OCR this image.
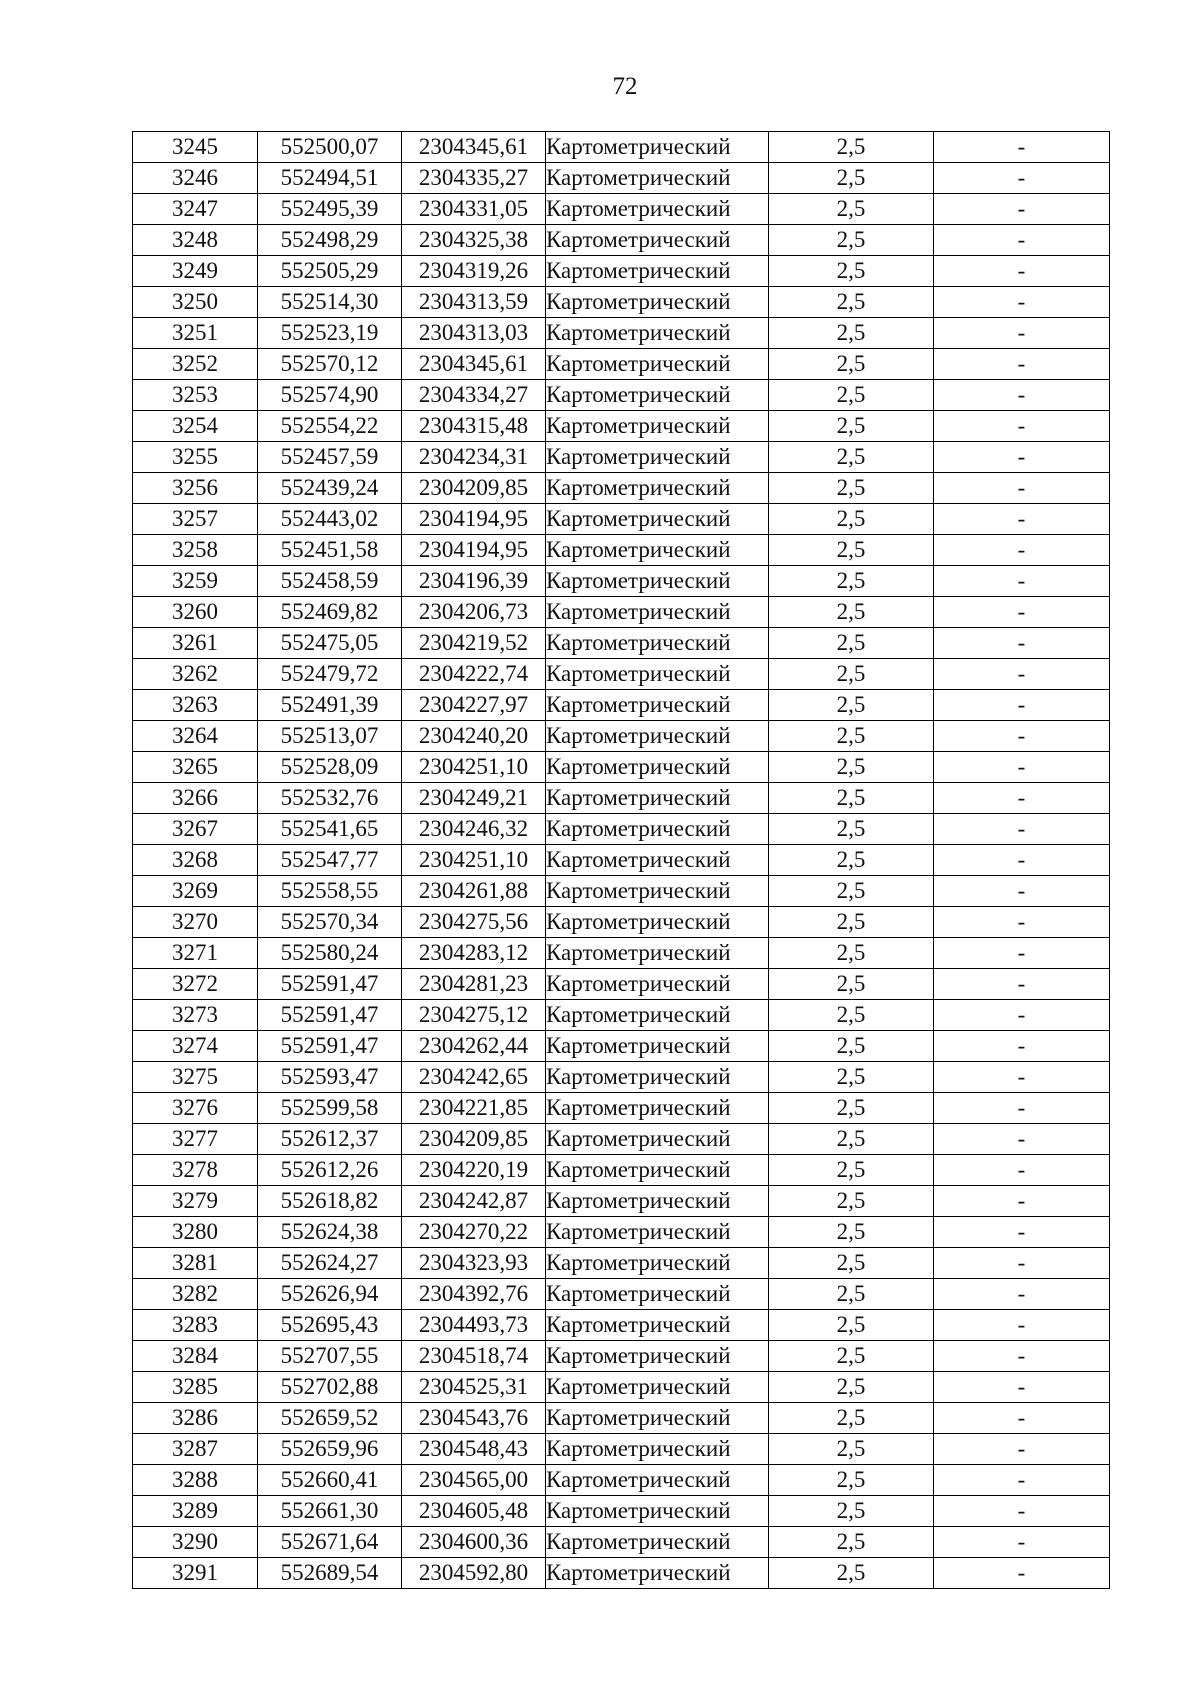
72
3245	552500,07	2304345,61	Картометрический	2,5	-
3246	552494,51	2304335,27	Картометрический	2,5	-
3247	552495,39	2304331,05	Картометрический	2,5	-
3248	552498,29	2304325,38	Картометрический	2,5	-
3249	552505,29	2304319,26	Картометрический	2,5	-
3250	552514,30	2304313,59	Картометрический	2,5	-
3251	552523,19	2304313,03	Картометрический	2,5	-
3252	552570,12	2304345,61	Картометрический	2,5	-
3253	552574,90	2304334,27	Картометрический	2,5	-
3254	552554,22	2304315,48	Картометрический	2,5	-
3255	552457,59	2304234,31	Картометрический	2,5	-
3256	552439,24	2304209,85	Картометрический	2,5	-
3257	552443,02	2304194,95	Картометрический	2,5	-
3258	552451,58	2304194,95	Картометрический	2,5	-
3259	552458,59	2304196,39	Картометрический	2,5	-
3260	552469,82	2304206,73	Картометрический	2,5	-
3261	552475,05	2304219,52	Картометрический	2,5	-
3262	552479,72	2304222,74	Картометрический	2,5	-
3263	552491,39	2304227,97	Картометрический	2,5	-
3264	552513,07	2304240,20	Картометрический	2,5	-
3265	552528,09	2304251,10	Картометрический	2,5	-
3266	552532,76	2304249,21	Картометрический	2,5	-
3267	552541,65	2304246,32	Картометрический	2,5	-
3268	552547,77	2304251,10	Картометрический	2,5	-
3269	552558,55	2304261,88	Картометрический	2,5	-
3270	552570,34	2304275,56	Картометрический	2,5	-
3271	552580,24	2304283,12	Картометрический	2,5	-
3272	552591,47	2304281,23	Картометрический	2,5	-
3273	552591,47	2304275,12	Картометрический	2,5	-
3274	552591,47	2304262,44	Картометрический	2,5	-
3275	552593,47	2304242,65	Картометрический	2,5	-
3276	552599,58	2304221,85	Картометрический	2,5	-
3277	552612,37	2304209,85	Картометрический	2,5	-
3278	552612,26	2304220,19	Картометрический	2,5	-
3279	552618,82	2304242,87	Картометрический	2,5	-
3280	552624,38	2304270,22	Картометрический	2,5	-
3281	552624,27	2304323,93	Картометрический	2,5	-
3282	552626,94	2304392,76	Картометрический	2,5	-
3283	552695,43	2304493,73	Картометрический	2,5	-
3284	552707,55	2304518,74	Картометрический	2,5	-
3285	552702,88	2304525,31	Картометрический	2,5	-
3286	552659,52	2304543,76	Картометрический	2,5	-
3287	552659,96	2304548,43	Картометрический	2,5	-
3288	552660,41	2304565,00	Картометрический	2,5	-
3289	552661,30	2304605,48	Картометрический	2,5	-
3290	552671,64	2304600,36	Картометрический	2,5	-
3291	552689,54	2304592,80	Картометрический	2,5	-
